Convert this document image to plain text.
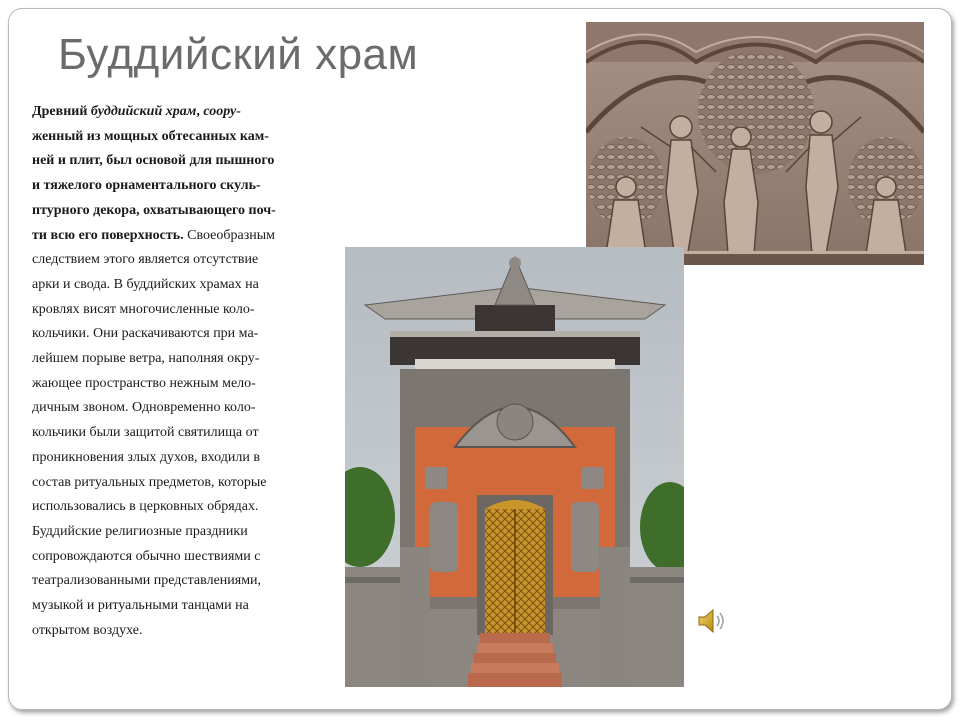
Буддийский храм

Древний буддийский храм, соору-
женный из мощных обтесанных кам-
ней и плит, был основой для пышного
и тяжелого орнаментального скуль-
птурного декора, охватывающего поч-
ти всю его поверхность. Своеобразным
следствием этого является отсутствие
арки и свода. В буддийских храмах на
кровлях висят многочисленные коло-
кольчики. Они раскачиваются при ма-
лейшем порыве ветра, наполняя окру-
жающее пространство нежным мело-
дичным звоном. Одновременно коло-
кольчики были защитой святилища от
проникновения злых духов, входили в
состав ритуальных предметов, которые
использовались в церковных обрядах.
Буддийские религиозные праздники
сопровождаются обычно шествиями с
театрализованными представлениями,
музыкой и ритуальными танцами на
открытом воздухе.
